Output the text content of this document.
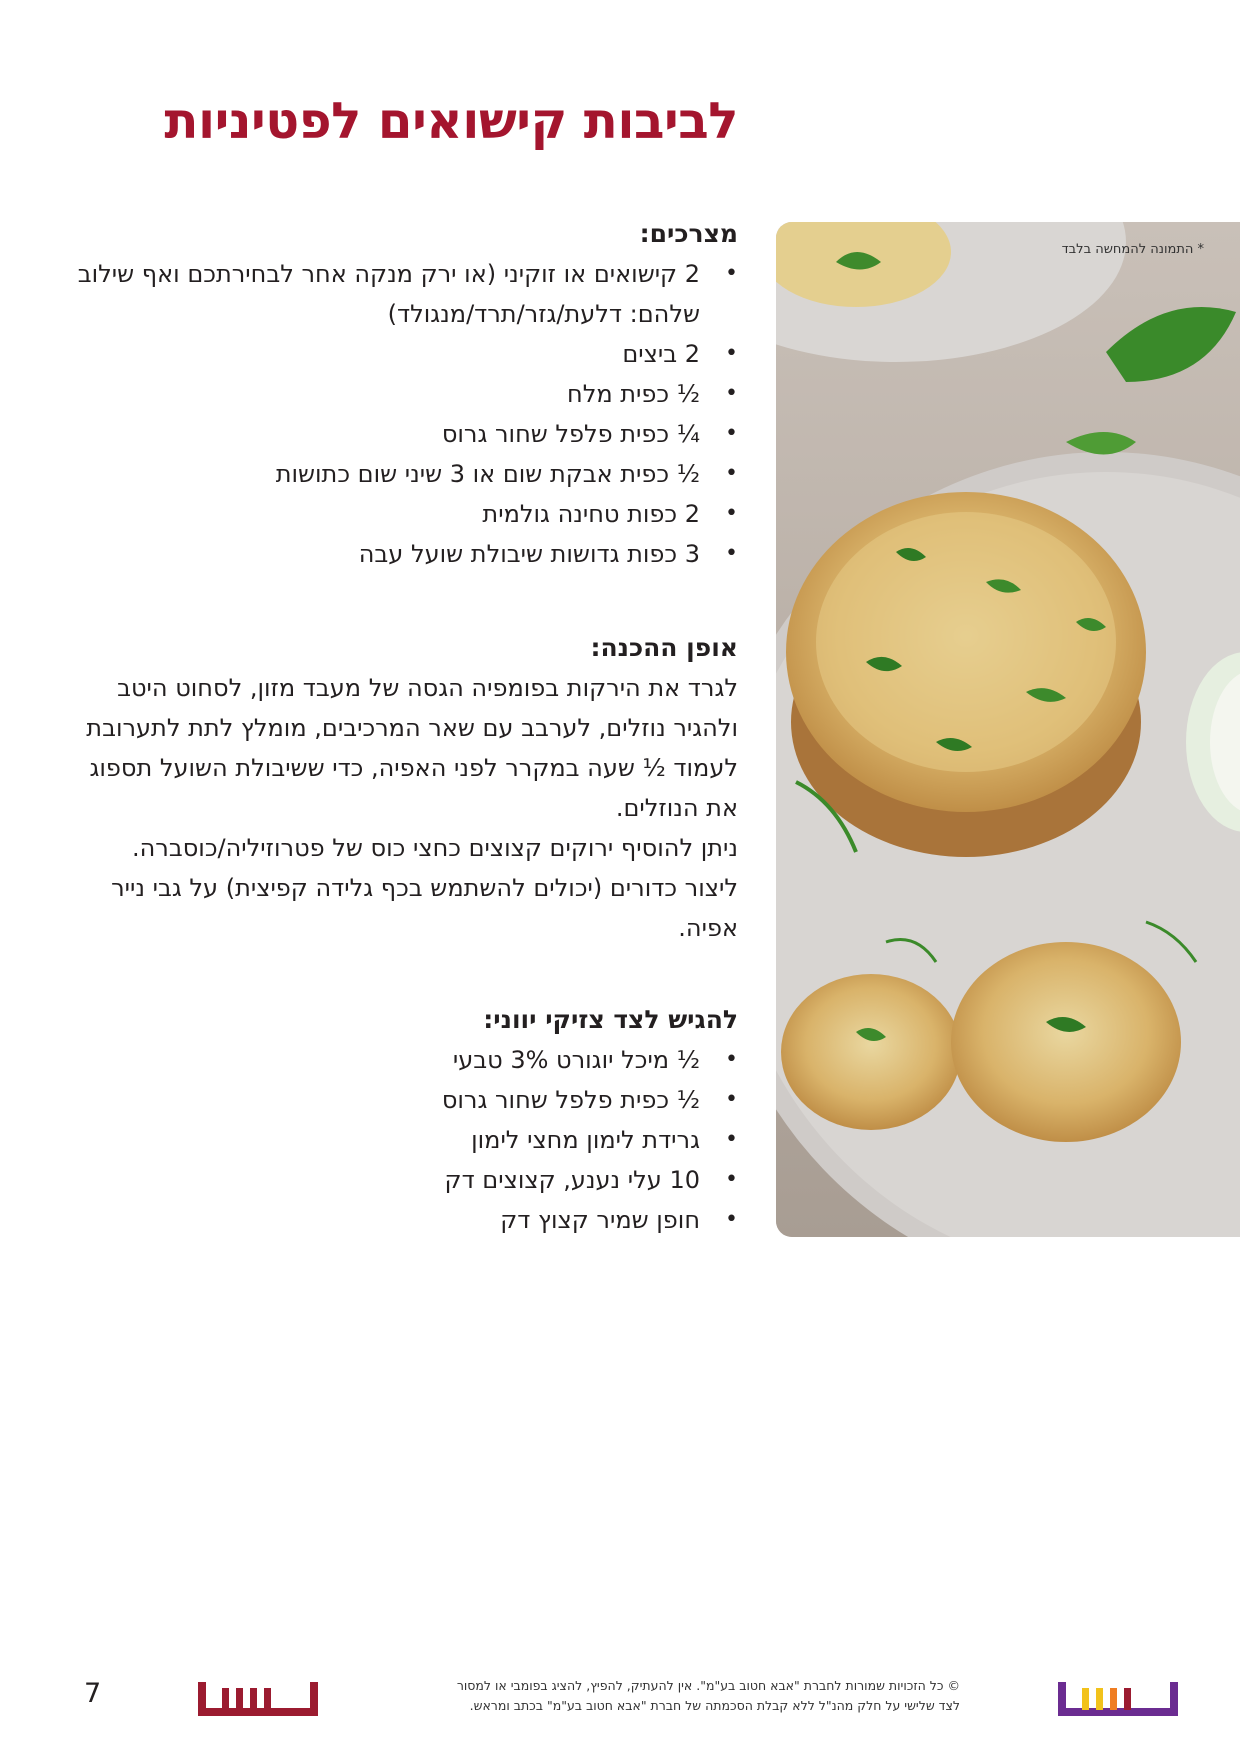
לביבות קישואים לפטיניות

מצרכים:

• 2 קישואים או זוקיני (או ירק מנקה אחר לבחירתכם ואף שילוב שלהם: דלעת/גזר/תרד/מנגולד)
• 2 ביצים
• ½ כפית מלח
• ¼ כפית פלפל שחור גרוס
• ½ כפית אבקת שום או 3 שיני שום כתושות
• 2 כפות טחינה גולמית
• 3 כפות גדושות שיבולת שועל עבה

אופן ההכנה:

לגרד את הירקות בפומפיה הגסה של מעבד מזון, לסחוט היטב ולהגיר נוזלים, לערבב עם שאר המרכיבים, מומלץ לתת לתערובת לעמוד ½ שעה במקרר לפני האפיה, כדי ששיבולת השועל תספוג את הנוזלים.

ניתן להוסיף ירוקים קצוצים כחצי כוס של פטרוזיליה/כוסברה.

ליצור כדורים (יכולים להשתמש בכף גלידה קפיצית) על גבי נייר אפיה.

להגיש לצד צזיקי יווני:

• ½ מיכל יוגורט 3% טבעי
• ½ כפית פלפל שחור גרוס
• גרידת לימון מחצי לימון
• 10 עלי נענע, קצוצים דק
• חופן שמיר קצוץ דק
* התמונה להמחשה בלבד
7	© כל הזכויות שמורות לחברת "אבא חטוב בע"מ". אין להעתיק, להפיץ, להציג בפומבי או למסור
לצד שלישי על חלק מהנ"ל ללא קבלת הסכמתה של חברת "אבא חטוב בע"מ" בכתב ומראש.
